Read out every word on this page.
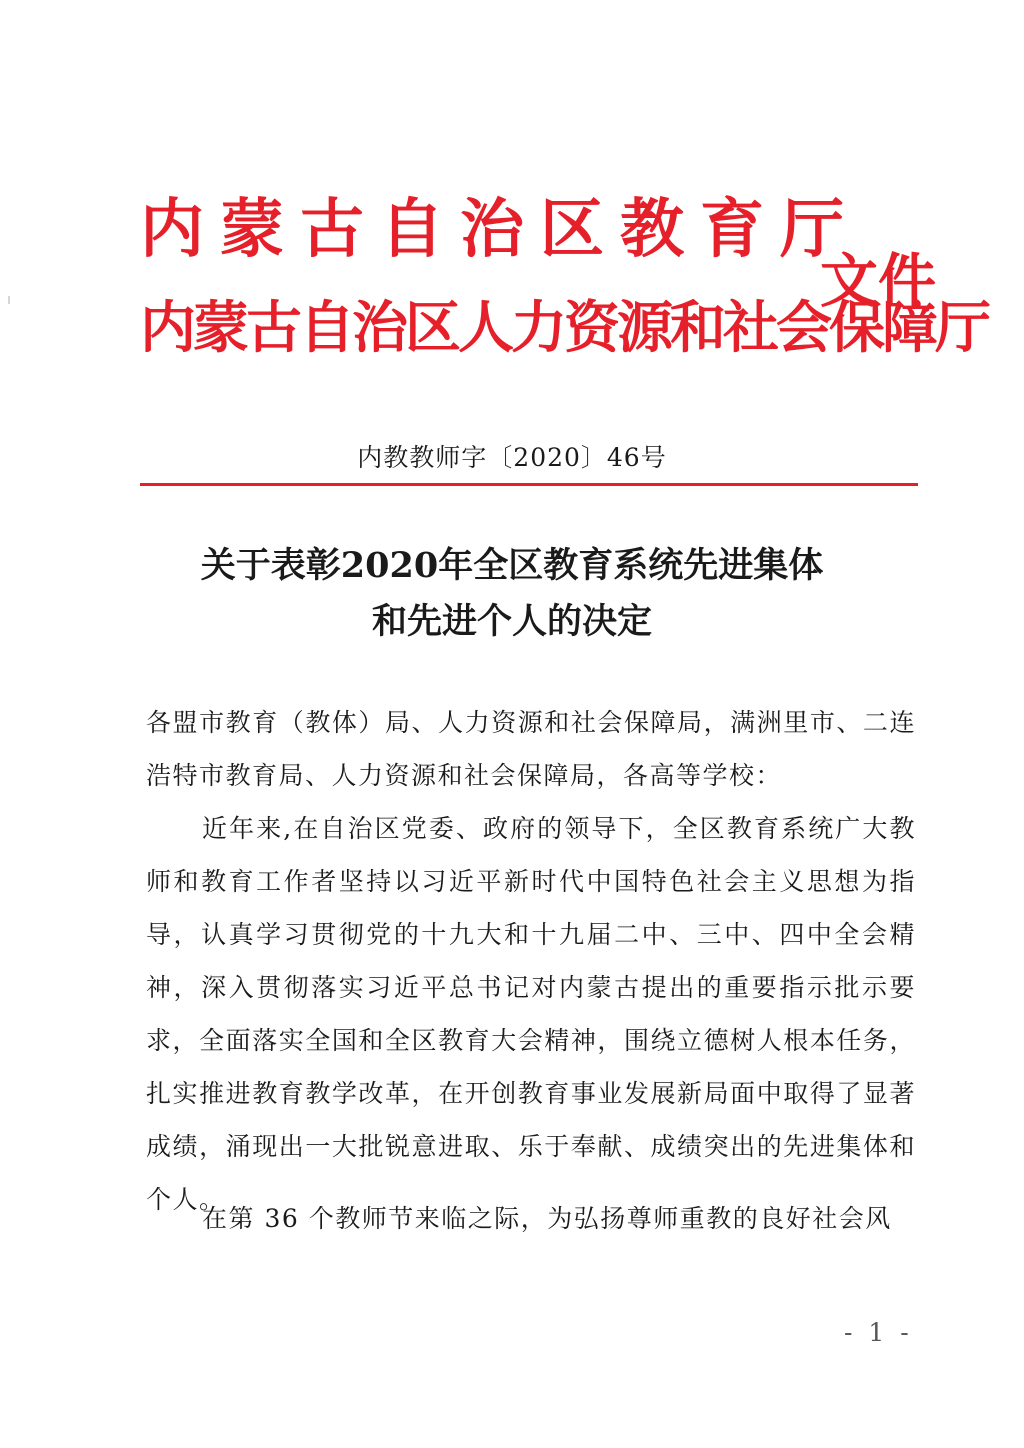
内蒙古自治区教育厅
内蒙古自治区人力资源和社会保障厅
文件
内教教师字〔2020〕46号
关于表彰2020年全区教育系统先进集体
和先进个人的决定
各盟市教育（教体）局、人力资源和社会保障局，满洲里市、二连浩特市教育局、人力资源和社会保障局，各高等学校：
近年来,在自治区党委、政府的领导下，全区教育系统广大教师和教育工作者坚持以习近平新时代中国特色社会主义思想为指导，认真学习贯彻党的十九大和十九届二中、三中、四中全会精神，深入贯彻落实习近平总书记对内蒙古提出的重要指示批示要求，全面落实全国和全区教育大会精神，围绕立德树人根本任务，扎实推进教育教学改革，在开创教育事业发展新局面中取得了显著成绩，涌现出一大批锐意进取、乐于奉献、成绩突出的先进集体和个人。
在第 36 个教师节来临之际，为弘扬尊师重教的良好社会风
- 1 -
